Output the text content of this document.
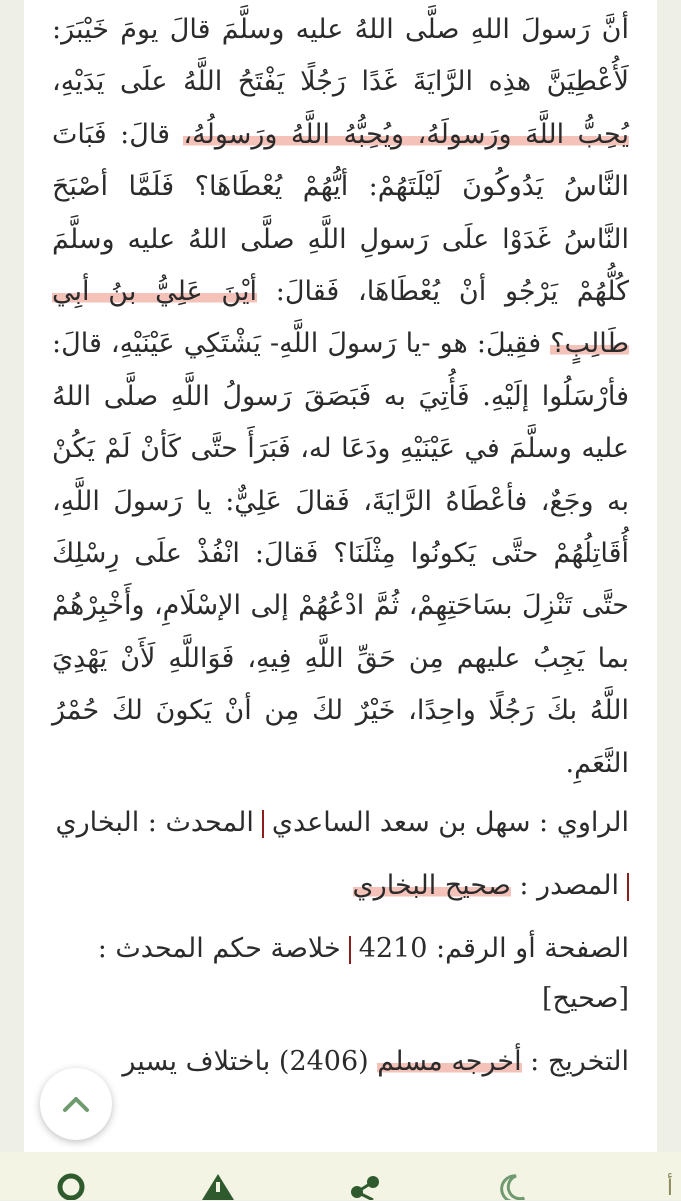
أنَّ رَسولَ اللهِ صلَّى اللهُ عليه وسلَّمَ قالَ يومَ خَيْبَرَ: لَأُعْطِيَنَّ هذِه الرَّايَةَ غَدًا رَجُلًا يَفْتَحُ اللَّهُ علَى يَدَيْهِ، يُحِبُّ اللَّهَ ورَسولَهُ، ويُحِبُّهُ اللَّهُ ورَسولُهُ، قالَ: فَبَاتَ النَّاسُ يَدُوكُونَ لَيْلَتَهُمْ: أيُّهُمْ يُعْطَاهَا؟ فَلَمَّا أصْبَحَ النَّاسُ غَدَوْا علَى رَسولِ اللَّهِ صلَّى اللهُ عليه وسلَّمَ كُلُّهُمْ يَرْجُو أنْ يُعْطَاهَا، فَقالَ: أيْنَ عَلِيُّ بنُ أبِي طَالِبٍ؟ فقِيلَ: هو -يا رَسولَ اللَّهِ- يَشْتَكِي عَيْنَيْهِ، قالَ: فأرْسَلُوا إلَيْهِ. فَأُتِيَ به فَبَصَقَ رَسولُ اللَّهِ صلَّى اللهُ عليه وسلَّمَ في عَيْنَيْهِ ودَعَا له، فَبَرَأَ حتَّى كَأنْ لَمْ يَكُنْ به وجَعٌ، فأعْطَاهُ الرَّايَةَ، فَقالَ عَلِيٌّ: يا رَسولَ اللَّهِ، أُقَاتِلُهُمْ حتَّى يَكونُوا مِثْلَنَا؟ فَقالَ: انْفُذْ علَى رِسْلِكَ حتَّى تَنْزِلَ بسَاحَتِهِمْ، ثُمَّ ادْعُهُمْ إلى الإسْلَامِ، وأَخْبِرْهُمْ بما يَجِبُ عليهم مِن حَقِّ اللَّهِ فِيهِ، فَوَاللَّهِ لَأَنْ يَهْدِيَ اللَّهُ بكَ رَجُلًا واحِدًا، خَيْرٌ لكَ مِن أنْ يَكونَ لكَ حُمْرُ النَّعَمِ.

الراوي : سهل بن سعد الساعديالمحدث : البخاري
المصدر : صحيح البخاري
الصفحة أو الرقم: 4210خلاصة حكم المحدث : [صحيح]
التخريج : أخرجه مسلم (2406) باختلاف يسير
أ
